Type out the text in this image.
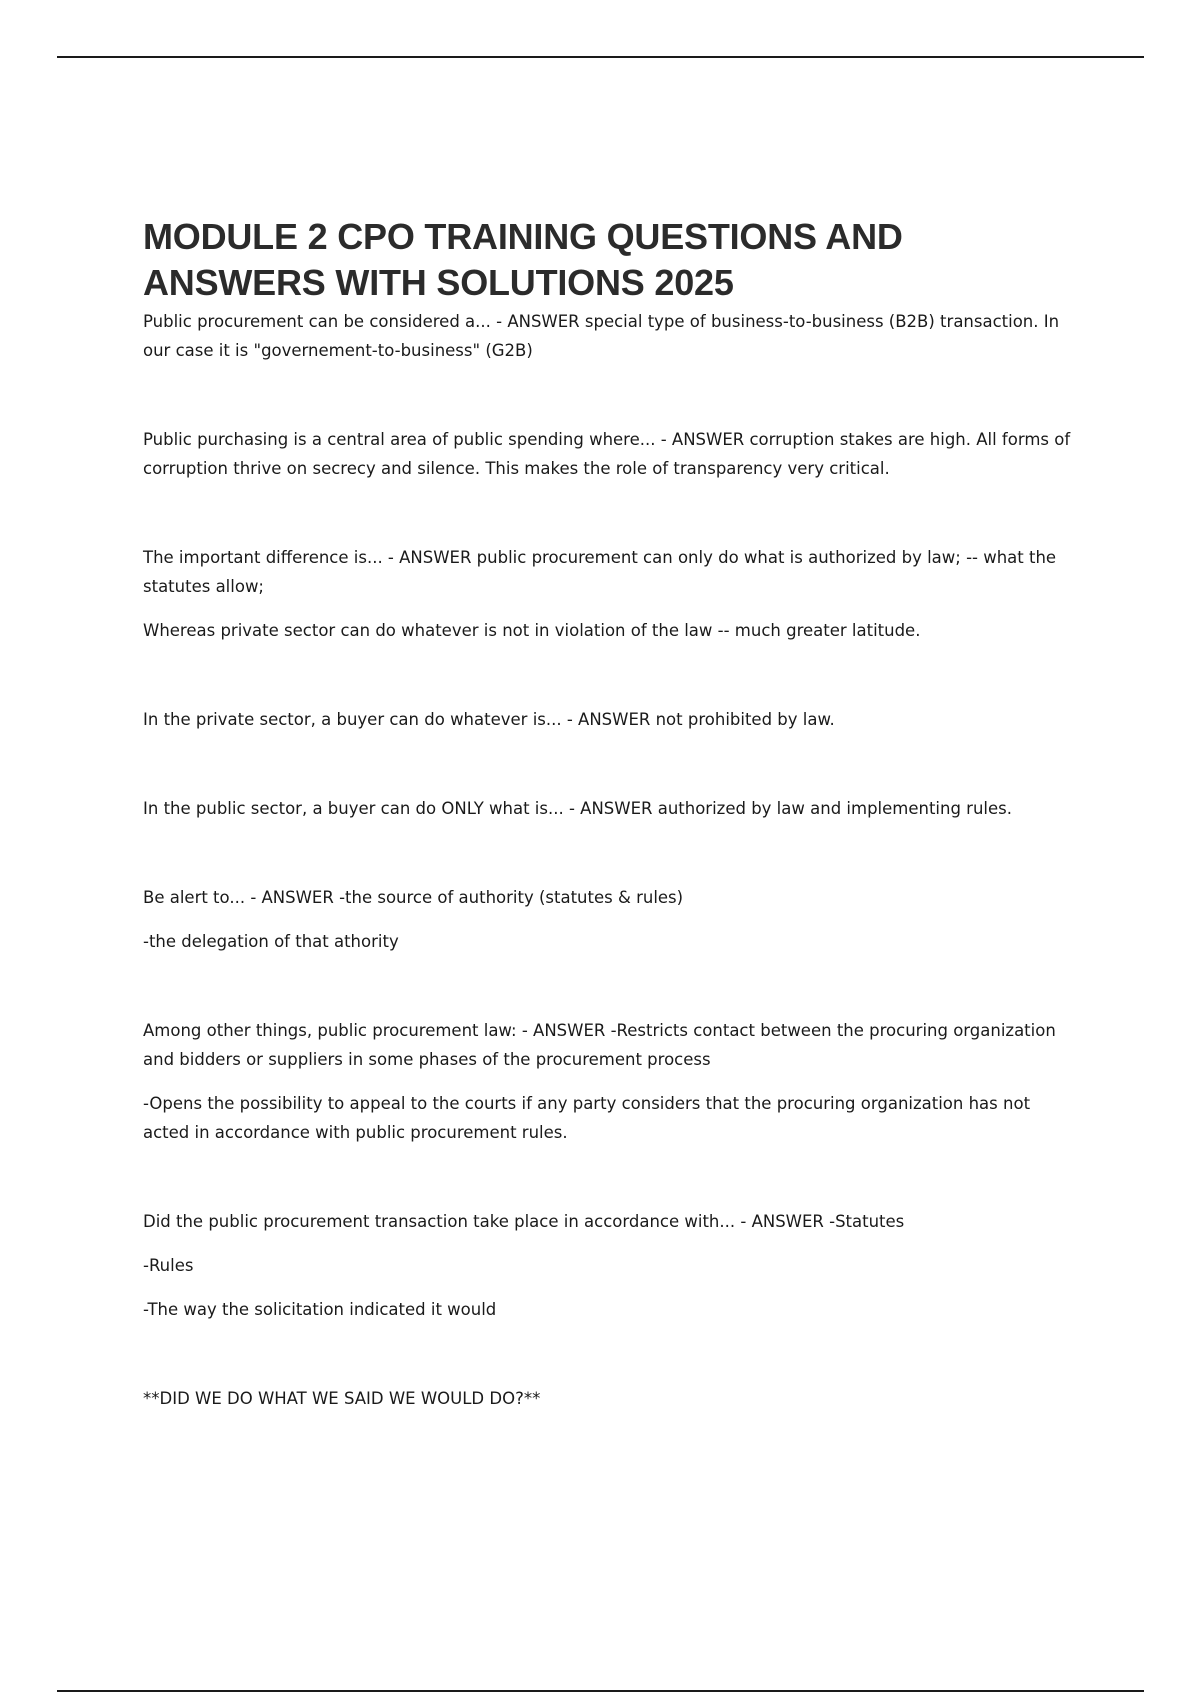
MODULE 2 CPO TRAINING QUESTIONS AND ANSWERS WITH SOLUTIONS 2025

Public procurement can be considered a... - ANSWER special type of business-to-business (B2B) transaction. In our case it is "governement-to-business" (G2B)

Public purchasing is a central area of public spending where... - ANSWER corruption stakes are high. All forms of corruption thrive on secrecy and silence. This makes the role of transparency very critical.

The important difference is... - ANSWER public procurement can only do what is authorized by law; -- what the statutes allow;

Whereas private sector can do whatever is not in violation of the law -- much greater latitude.

In the private sector, a buyer can do whatever is... - ANSWER not prohibited by law.

In the public sector, a buyer can do ONLY what is... - ANSWER authorized by law and implementing rules.

Be alert to... - ANSWER -the source of authority (statutes & rules)

-the delegation of that athority

Among other things, public procurement law: - ANSWER -Restricts contact between the procuring organization and bidders or suppliers in some phases of the procurement process

-Opens the possibility to appeal to the courts if any party considers that the procuring organization has not acted in accordance with public procurement rules.

Did the public procurement transaction take place in accordance with... - ANSWER -Statutes

-Rules

-The way the solicitation indicated it would

**DID WE DO WHAT WE SAID WE WOULD DO?**
